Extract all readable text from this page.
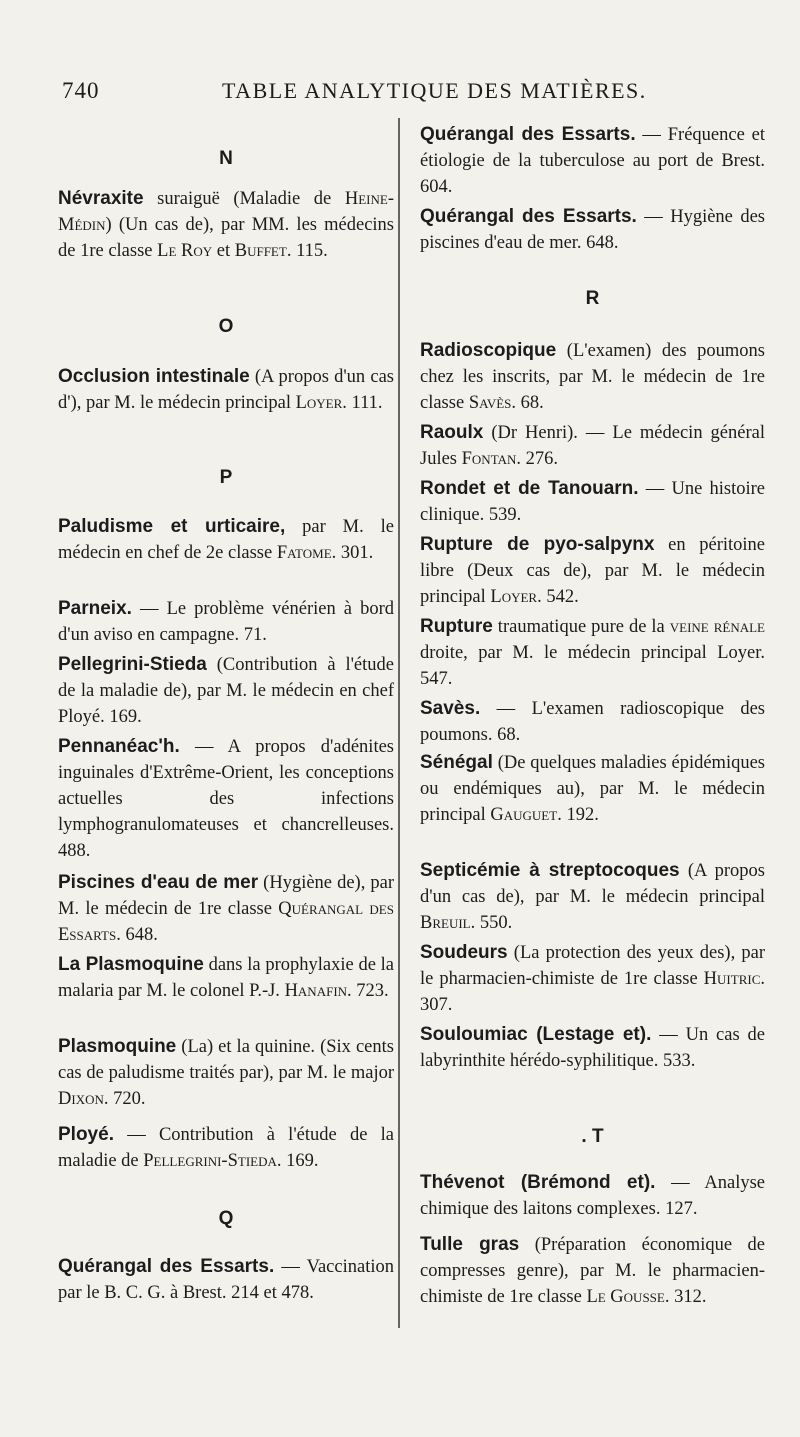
740	TABLE ANALYTIQUE DES MATIÈRES.
N

Névraxite suraiguë (Maladie de Heine-Médin) (Un cas de), par MM. les médecins de 1re classe Le Roy et Buffet. 115.

O

Occlusion intestinale (A propos d'un cas d'), par M. le médecin principal Loyer. 111.

P

Paludisme et urticaire, par M. le médecin en chef de 2e classe Fatome. 301.

Parneix. — Le problème vénérien à bord d'un aviso en campagne. 71.

Pellegrini-Stieda (Contribution à l'étude de la maladie de), par M. le médecin en chef Ployé. 169.

Pennanéac'h. — A propos d'adénites inguinales d'Extrême-Orient, les conceptions actuelles des infections lymphogranulomateuses et chancrelleuses. 488.

Piscines d'eau de mer (Hygiène de), par M. le médecin de 1re classe Quérangal des Essarts. 648.

La Plasmoquine dans la prophylaxie de la malaria par M. le colonel P.-J. Hanafin. 723.

Plasmoquine (La) et la quinine. (Six cents cas de paludisme traités par), par M. le major Dixon. 720.

Ployé. — Contribution à l'étude de la maladie de Pellegrini-Stieda. 169.

Q

Quérangal des Essarts. — Vaccination par le B. C. G. à Brest. 214 et 478.

Quérangal des Essarts. — Fréquence et étiologie de la tuberculose au port de Brest. 604.

Quérangal des Essarts. — Hygiène des piscines d'eau de mer. 648.

R

Radioscopique (L'examen) des poumons chez les inscrits, par M. le médecin de 1re classe Savès. 68.

Raoulx (Dr Henri). — Le médecin général Jules Fontan. 276.

Rondet et de Tanouarn. — Une histoire clinique. 539.

Rupture de pyo-salpynx en péritoine libre (Deux cas de), par M. le médecin principal Loyer. 542.

Rupture traumatique pure de la veine rénale droite, par M. le médecin principal Loyer. 547.

Savès. — L'examen radioscopique des poumons. 68.

Sénégal (De quelques maladies épidémiques ou endémiques au), par M. le médecin principal Gauguet. 192.

Septicémie à streptocoques (A propos d'un cas de), par M. le médecin principal Breuil. 550.

Soudeurs (La protection des yeux des), par le pharmacien-chimiste de 1re classe Huitric. 307.

Souloumiac (Lestage et). — Un cas de labyrinthite hérédo-syphilitique. 533.

. T

Thévenot (Brémond et). — Analyse chimique des laitons complexes. 127.

Tulle gras (Préparation économique de compresses genre), par M. le pharmacien-chimiste de 1re classe Le Gousse. 312.
